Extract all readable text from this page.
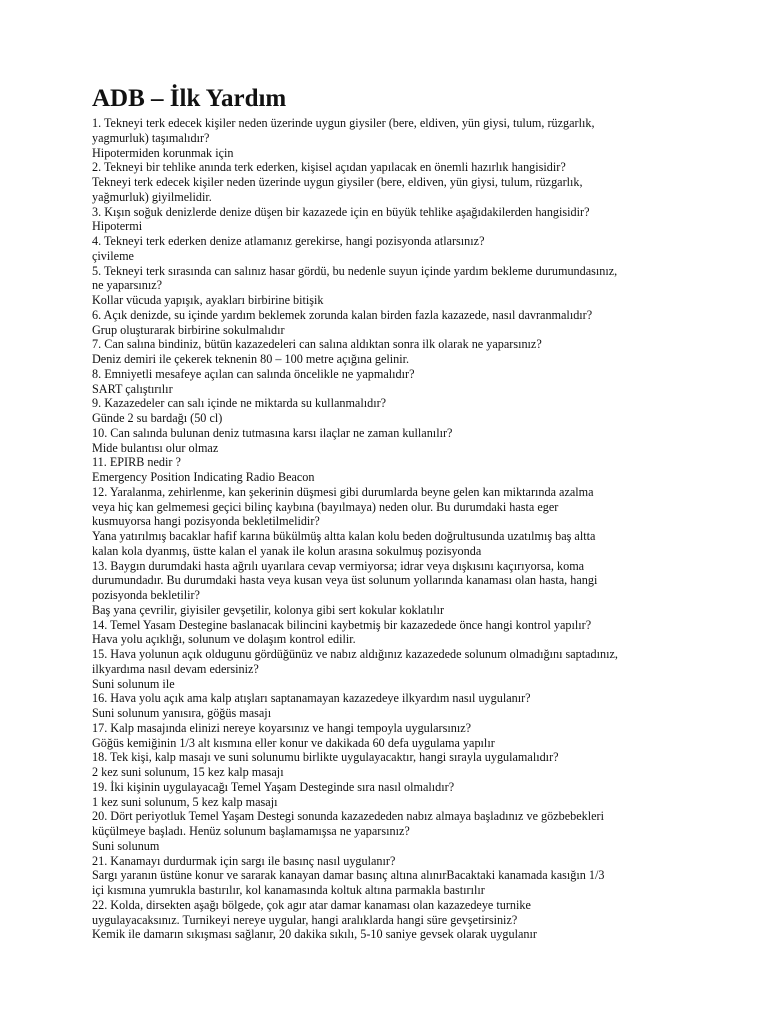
ADB – İlk Yardım

1. Tekneyi terk edecek kişiler neden üzerinde uygun giysiler (bere, eldiven, yün giysi, tulum, rüzgarlık,

yagmurluk) taşımalıdır?

Hipotermiden korunmak için

2. Tekneyi bir tehlike anında terk ederken, kişisel açıdan yapılacak en önemli hazırlık hangisidir?

Tekneyi terk edecek kişiler neden üzerinde uygun giysiler (bere, eldiven, yün giysi, tulum, rüzgarlık,

yağmurluk) giyilmelidir.

3. Kışın soğuk denizlerde denize düşen bir kazazede için en büyük tehlike aşağıdakilerden hangisidir?

Hipotermi

4. Tekneyi terk ederken denize atlamanız gerekirse, hangi pozisyonda atlarsınız?

çivileme

5. Tekneyi terk sırasında can salınız hasar gördü, bu nedenle suyun içinde yardım bekleme durumundasınız,

ne yaparsınız?

Kollar vücuda yapışık, ayakları birbirine bitişik

6. Açık denizde, su içinde yardım beklemek zorunda kalan birden fazla kazazede, nasıl davranmalıdır?

Grup oluşturarak birbirine sokulmalıdır

7. Can salına bindiniz, bütün kazazedeleri can salına aldıktan sonra ilk olarak ne yaparsınız?

Deniz demiri ile çekerek teknenin 80 – 100 metre açığına gelinir.

8. Emniyetli mesafeye açılan can salında öncelikle ne yapmalıdır?

SART çalıştırılır

9. Kazazedeler can salı içinde ne miktarda su kullanmalıdır?

Günde 2 su bardağı (50 cl)

10. Can salında bulunan deniz tutmasına karsı ilaçlar ne zaman kullanılır?

Mide bulantısı olur olmaz

11. EPIRB nedir ?

Emergency Position Indicating Radio Beacon

12. Yaralanma, zehirlenme, kan şekerinin düşmesi gibi durumlarda beyne gelen kan miktarında azalma

veya hiç kan gelmemesi geçici bilinç kaybına (bayılmaya) neden olur. Bu durumdaki hasta eger

kusmuyorsa hangi pozisyonda bekletilmelidir?

Yana yatırılmış bacaklar hafif karına bükülmüş altta kalan kolu beden doğrultusunda uzatılmış baş altta

kalan kola dyanmış, üstte kalan el yanak ile kolun arasına sokulmuş pozisyonda

13. Baygın durumdaki hasta ağrılı uyarılara cevap vermiyorsa; idrar veya dışkısını kaçırıyorsa, koma

durumundadır. Bu durumdaki hasta veya kusan veya üst solunum yollarında kanaması olan hasta, hangi

pozisyonda bekletilir?

Baş yana çevrilir, giyisiler gevşetilir, kolonya gibi sert kokular koklatılır

14. Temel Yasam Destegine baslanacak bilincini kaybetmiş bir kazazedede önce hangi kontrol yapılır?

Hava yolu açıklığı, solunum ve dolaşım kontrol edilir.

15. Hava yolunun açık oldugunu gördüğünüz ve nabız aldığınız kazazedede solunum olmadığını saptadınız,

ilkyardıma nasıl devam edersiniz?

Suni solunum ile

16. Hava yolu açık ama kalp atışları saptanamayan kazazedeye ilkyardım nasıl uygulanır?

Suni solunum yanısıra, göğüs masajı

17. Kalp masajında elinizi nereye koyarsınız ve hangi tempoyla uygularsınız?

Göğüs kemiğinin 1/3 alt kısmına eller konur ve dakikada 60 defa uygulama yapılır

18. Tek kişi, kalp masajı ve suni solunumu birlikte uygulayacaktır, hangi sırayla uygulamalıdır?

2 kez suni solunum, 15 kez kalp masajı

19. İki kişinin uygulayacağı Temel Yaşam Desteginde sıra nasıl olmalıdır?

1 kez suni solunum, 5 kez kalp masajı

20. Dört periyotluk Temel Yaşam Destegi sonunda kazazededen nabız almaya başladınız ve gözbebekleri

küçülmeye başladı. Henüz solunum başlamamışsa ne yaparsınız?

Suni solunum

21. Kanamayı durdurmak için sargı ile basınç nasıl uygulanır?

Sargı yaranın üstüne konur ve sararak kanayan damar basınç altına alınırBacaktaki kanamada kasığın 1/3

içi kısmına yumrukla bastırılır, kol kanamasında koltuk altına parmakla bastırılır

22. Kolda, dirsekten aşağı bölgede, çok agır atar damar kanaması olan kazazedeye turnike

uygulayacaksınız. Turnikeyi nereye uygular, hangi aralıklarda hangi süre gevşetirsiniz?

Kemik ile damarın sıkışması sağlanır, 20 dakika sıkılı, 5-10 saniye gevsek olarak uygulanır
